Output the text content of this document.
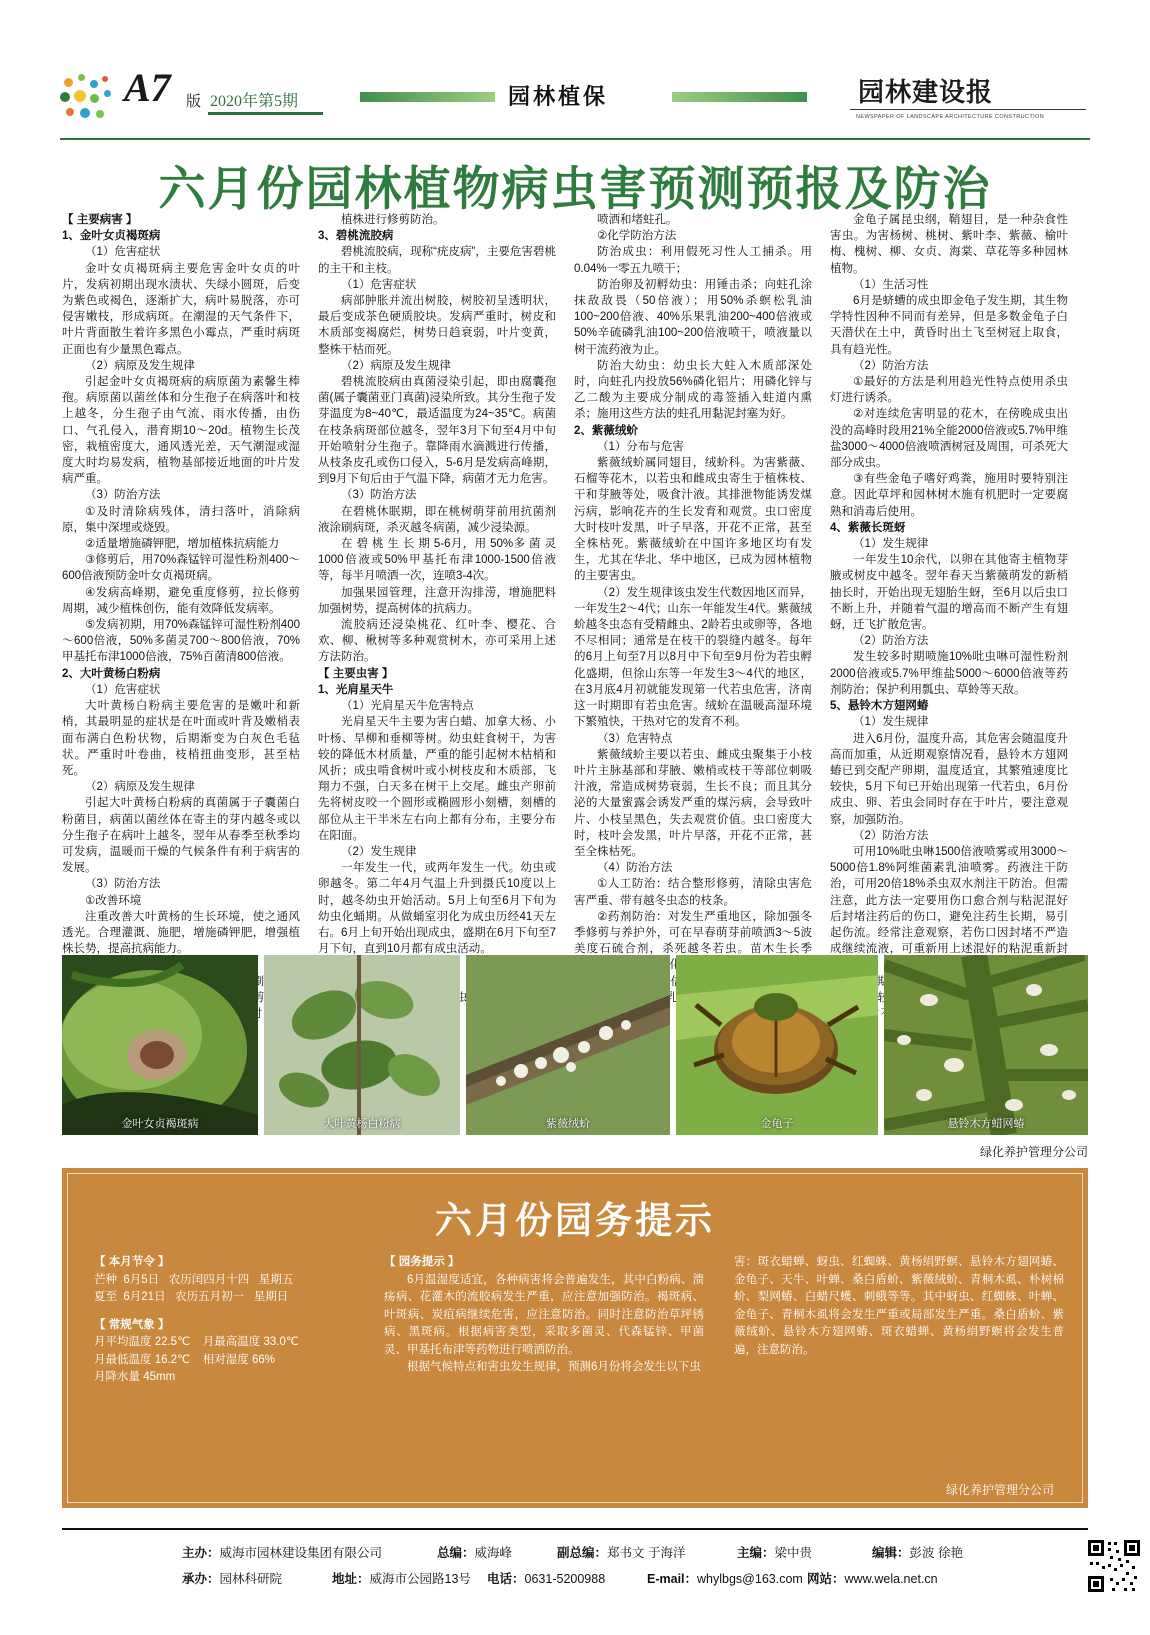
A7 版 2020年第5期	园林植保	园林建设报
NEWSPAPER OF LANDSCAPE ARCHITECTURE CONSTRUCTION
六月份园林植物病虫害预测预报及防治

【 主要病害 】

1、金叶女贞褐斑病

（1）危害症状

金叶女贞褐斑病主要危害金叶女贞的叶片，发病初期出现水渍状、失绿小圆斑，后变为紫色或褐色，逐渐扩大，病叶易脱落，亦可侵害嫩枝，形成病斑。在潮湿的天气条件下，叶片背面散生着许多黑色小霉点，严重时病斑正面也有少量黑色霉点。

（2）病原及发生规律

引起金叶女贞褐斑病的病原菌为素馨生棒孢。病原菌以菌丝体和分生孢子在病落叶和枝上越冬，分生孢子由气流、雨水传播，由伤口、气孔侵入，潜育期10～20d。植物生长茂密，栽植密度大，通风透光差，天气潮湿或湿度大时均易发病，植物基部接近地面的叶片发病严重。

（3）防治方法

①及时清除病残体，清扫落叶，消除病原，集中深埋或烧毁。

②适量增施磷钾肥，增加植株抗病能力

③修剪后，用70%森锰锌可湿性粉剂400～600倍液预防金叶女贞褐斑病。

④发病高峰期，避免重度修剪，拉长修剪周期，减少植株创伤，能有效降低发病率。

⑤发病初期，用70%森锰锌可湿性粉剂400～600倍液，50%多菌灵700～800倍液，70%甲基托布津1000倍液，75%百菌清800倍液。

2、大叶黄杨白粉病

（1）危害症状

大叶黄杨白粉病主要危害的是嫩叶和新梢，其最明显的症状是在叶面或叶背及嫩梢表面布满白色粉状物，后期渐变为白灰色毛毡状。严重时叶卷曲，枝梢扭曲变形，甚至枯死。

（2）病原及发生规律

引起大叶黄杨白粉病的真菌属于子囊菌白粉菌目，病菌以菌丝体在寄主的芽内越冬或以分生孢子在病叶上越冬，翌年从春季至秋季均可发病，温暖而干燥的气候条件有利于病害的发展。

（3）防治方法

①改善环境

注重改善大叶黄杨的生长环境，使之通风透光。合理灌溉、施肥，增施磷钾肥，增强植株长势，提高抗病能力。

植株进行修剪防治。

3、碧桃流胶病

碧桃流胶病，现称“疣皮病”，主要危害碧桃的主干和主枝。

（1）危害症状

病部肿胀并流出树胶，树胶初呈透明状，最后变成茶色硬质胶块。发病严重时，树皮和木质部变褐腐烂，树势日趋衰弱，叶片变黄，整株干枯而死。

（2）病原及发生规律

碧桃流胶病由真菌浸染引起，即由腐囊孢菌(属子囊菌亚门真菌)浸染所致。其分生孢子发芽温度为8~40℃，最适温度为24~35℃。病菌在枝条病斑部位越冬，翌年3月下旬至4月中旬开始喷射分生孢子。靠降雨水滴溅进行传播，从枝条皮孔或伤口侵入，5-6月是发病高峰期，到9月下旬后由于气温下降，病菌才无力危害。

（3）防治方法

在碧桃休眠期，即在桃树萌芽前用抗菌剂液涂刷病斑，杀灭越冬病菌，减少浸染源。

在 碧 桃 生 长 期 5-6月，用 50%多 菌 灵1000倍液或50%甲基托布津1000-1500倍液等，每半月喷洒一次，连喷3-4次。

加强果园管理，注意开沟排涝，增施肥料加强树势，提高树体的抗病力。

流胶病还浸染桃花、红叶李、樱花、合欢、柳、楸树等多种观赏树木，亦可采用上述方法防治。

【 主要虫害 】

1、光肩星天牛

（1）光肩星天牛危害特点

光肩星天牛主要为害白蜡、加拿大杨、小叶杨、旱柳和垂柳等树。幼虫蛀食树干，为害较的降低木材质量，严重的能引起树木枯梢和风折；成虫啃食树叶或小树枝皮和木质部，飞翔力不强，白天多在树干上交尾。雌虫产卵前先将树皮咬一个圆形或椭圆形小刻槽，刻槽的部位从主干半米左右向上都有分布，主要分布在阳面。

（2）发生规律

一年发生一代，或两年发生一代。幼虫或卵越冬。第二年4月气温上升到摄氏10度以上时，越冬幼虫开始活动。5月上旬至6月下旬为幼虫化蛹期。从做蛹室羽化为成虫历经41天左右。6月上旬开始出现成虫，盛期在6月下旬至7月下旬，直到10月都有成虫活动。

喷洒和堵蛀孔。

②化学防治方法

防治成虫：利用假死习性人工捕杀。用0.04%一零五九喷干；

防治卵及初孵幼虫：用锤击杀；向蛀孔涂抹敌敌畏（50倍液）；用50%杀螟松乳油100~200倍液、40%乐果乳油200~400倍液或50%辛硫磷乳油100~200倍液喷干，喷液量以树干流药液为止。

防治大幼虫：幼虫长大蛀入木质部深处时，向蛀孔内投放56%磷化铝片；用磷化锌与乙二酸为主要成分制成的毒签插入蛀道内熏杀；施用这些方法的蛀孔用黏泥封塞为好。

2、紫薇绒蚧

（1）分布与危害

紫薇绒蚧属同翅目，绒蚧科。为害紫薇、石榴等花木，以若虫和雌成虫寄生于植株枝、干和芽腋等处，吸食汁液。其排泄物能诱发煤污病，影响花卉的生长发育和观赏。虫口密度大时枝叶发黑，叶子早落，开花不正常，甚至全株枯死。紫薇绒蚧在中国许多地区均有发生，尤其在华北、华中地区，已成为园林植物的主要害虫。

（2）发生规律该虫发生代数因地区而异，一年发生2～4代；山东一年能发生4代。紫薇绒蚧越冬虫态有受精雌虫、2龄若虫或卵等，各地不尽相同；通常是在枝干的裂缝内越冬。每年的6月上旬至7月以8月中下旬至9月份为若虫孵化盛期，但徐山东等一年发生3～4代的地区，在3月底4月初就能发现第一代若虫危害，济南这一时期即有若虫危害。绒蚧在温暖高湿环境下繁殖快，干热对它的发育不利。

（3）危害特点

紫薇绒蚧主要以若虫、雌成虫聚集于小枝叶片主脉基部和芽腋、嫩梢或枝干等部位刺吸汁液，常造成树势衰弱，生长不良；而且其分泌的大量蜜露会诱发严重的煤污病，会导致叶片、小枝呈黑色，失去观赏价值。虫口密度大时，枝叶会发黑，叶片早落，开花不正常，甚至全株枯死。

（4）防治方法

①人工防治：结合整形修剪，清除虫害危害严重、带有越冬虫态的枝条。

②药剂防治：对发生严重地区，除加强冬季修剪与养护外，可在早春萌芽前喷洒3～5波美度石硫合剂，杀死越冬若虫。苗木生长季 化

金龟子属昆虫纲，鞘翅目，是一种杂食性害虫。为害杨树、桃树、紫叶李、紫薇、榆叶梅、槐树、柳、女贞、海棠、草花等多种园林植物。

（1）生活习性

6月是蛴螬的成虫即金龟子发生期，其生物学特性因种不同而有差异，但是多数金龟子白天潜伏在土中，黄昏时出土飞至树冠上取食，具有趋光性。

（2）防治方法

①最好的方法是利用趋光性特点使用杀虫灯进行诱杀。

②对连续危害明显的花木，在傍晚成虫出没的高峰时段用21%全能2000倍液或5.7%甲维盐3000～4000倍液喷洒树冠及周围，可杀死大部分成虫。

③有些金龟子嗜好鸡粪，施用时要特别注意。因此草坪和园林树木施有机肥时一定要腐熟和消毒后使用。

4、紫薇长斑蚜

（1）发生规律

一年发生10余代，以卵在其他寄主植物芽腋或树皮中越冬。翌年春天当紫薇萌发的新梢抽长时，开始出现无翅胎生蚜，至6月以后虫口不断上升，并随着气温的增高而不断产生有翅蚜，迁飞扩散危害。

（2）防治方法

发生较多时期喷施10%吡虫啉可湿性粉剂2000倍液或5.7%甲维盐5000～6000倍液等药剂防治；保护利用瓢虫、草蛉等天敌。

5、悬铃木方翅网蝽

（1）发生规律

进入6月份，温度升高，其危害会随温度升高而加重，从近期观察情况看，悬铃木方翅网蝽已到交配产卵期，温度适宜，其繁殖速度比较快，5月下旬已开始出现第一代若虫，6月份成虫、卵、若虫会同时存在于叶片，要注意观察，加强防治。

（2）防治方法

可用10%吡虫啉1500倍液喷雾或用3000～5000倍1.8%阿维菌素乳油喷雾。药液注干防治，可用20倍18%杀虫双水剂注干防治。但需注意，此方法一定要用伤口愈合剂与粘泥混好后封堵注药后的伤口，避免注药生长期，易引起伤流。经常注意观察，若伤口因封堵不严造成继续流液，可重新用上述混好的粘泥重新封

金叶女贞褐斑病	大叶黄杨白粉病	紫薇绒蚧	金龟子	悬铃木方蜡网蝽
绿化养护管理分公司
六月份园务提示
【 本月节令 】
芒种 6月5日 农历闰四月十四 星期五
夏至 6月21日 农历五月初一 星期日
【 常规气象 】
月平均温度 22.5℃ 月最高温度 33.0℃
月最低温度 16.2℃ 相对湿度 66%
月降水量 45mm
【 园务提示 】

6月温湿度适宜，各种病害将会普遍发生，其中白粉病、溃疡病、花灌木的流胶病发生严重，应注意加强防治。褐斑病、叶斑病、炭疽病继续危害，应注意防治。同时注意防治草坪锈病、黑斑病。根据病害类型，采取多菌灵、代森锰锌、甲菌灵、甲基托布津等药物进行喷洒防治。

根据气候特点和害虫发生规律，预测6月份将会发生以下虫

害：斑衣蜡蝉、蚜虫、红蜘蛛、黄杨绢野螟、悬铃木方翅网蝽、金龟子、天牛、叶蝉、桑白盾蚧、紫薇绒蚧、青桐木虱、朴树棉蚧、梨网蝽、白蜡尺蠖、刺蛾等等。其中蚜虫、红蜘蛛、叶蝉、金龟子、青桐木虱将会发生严重或局部发生严重。桑白盾蚧、紫薇绒蚧、悬铃木方翅网蝽、斑衣蜡蝉、黄杨绢野螟将会发生普遍，注意防治。

绿化养护管理分公司
主办：威海市园林建设集团有限公司	总编：威海峰	副总编：郑书文 于海洋	主编：梁中贵	编辑：彭波 徐艳
承办：园林科研院	地址：威海市公园路13号 电话：0631-5200988	E-mail：whylbgs@163.com 网站：www.wela.net.cn
